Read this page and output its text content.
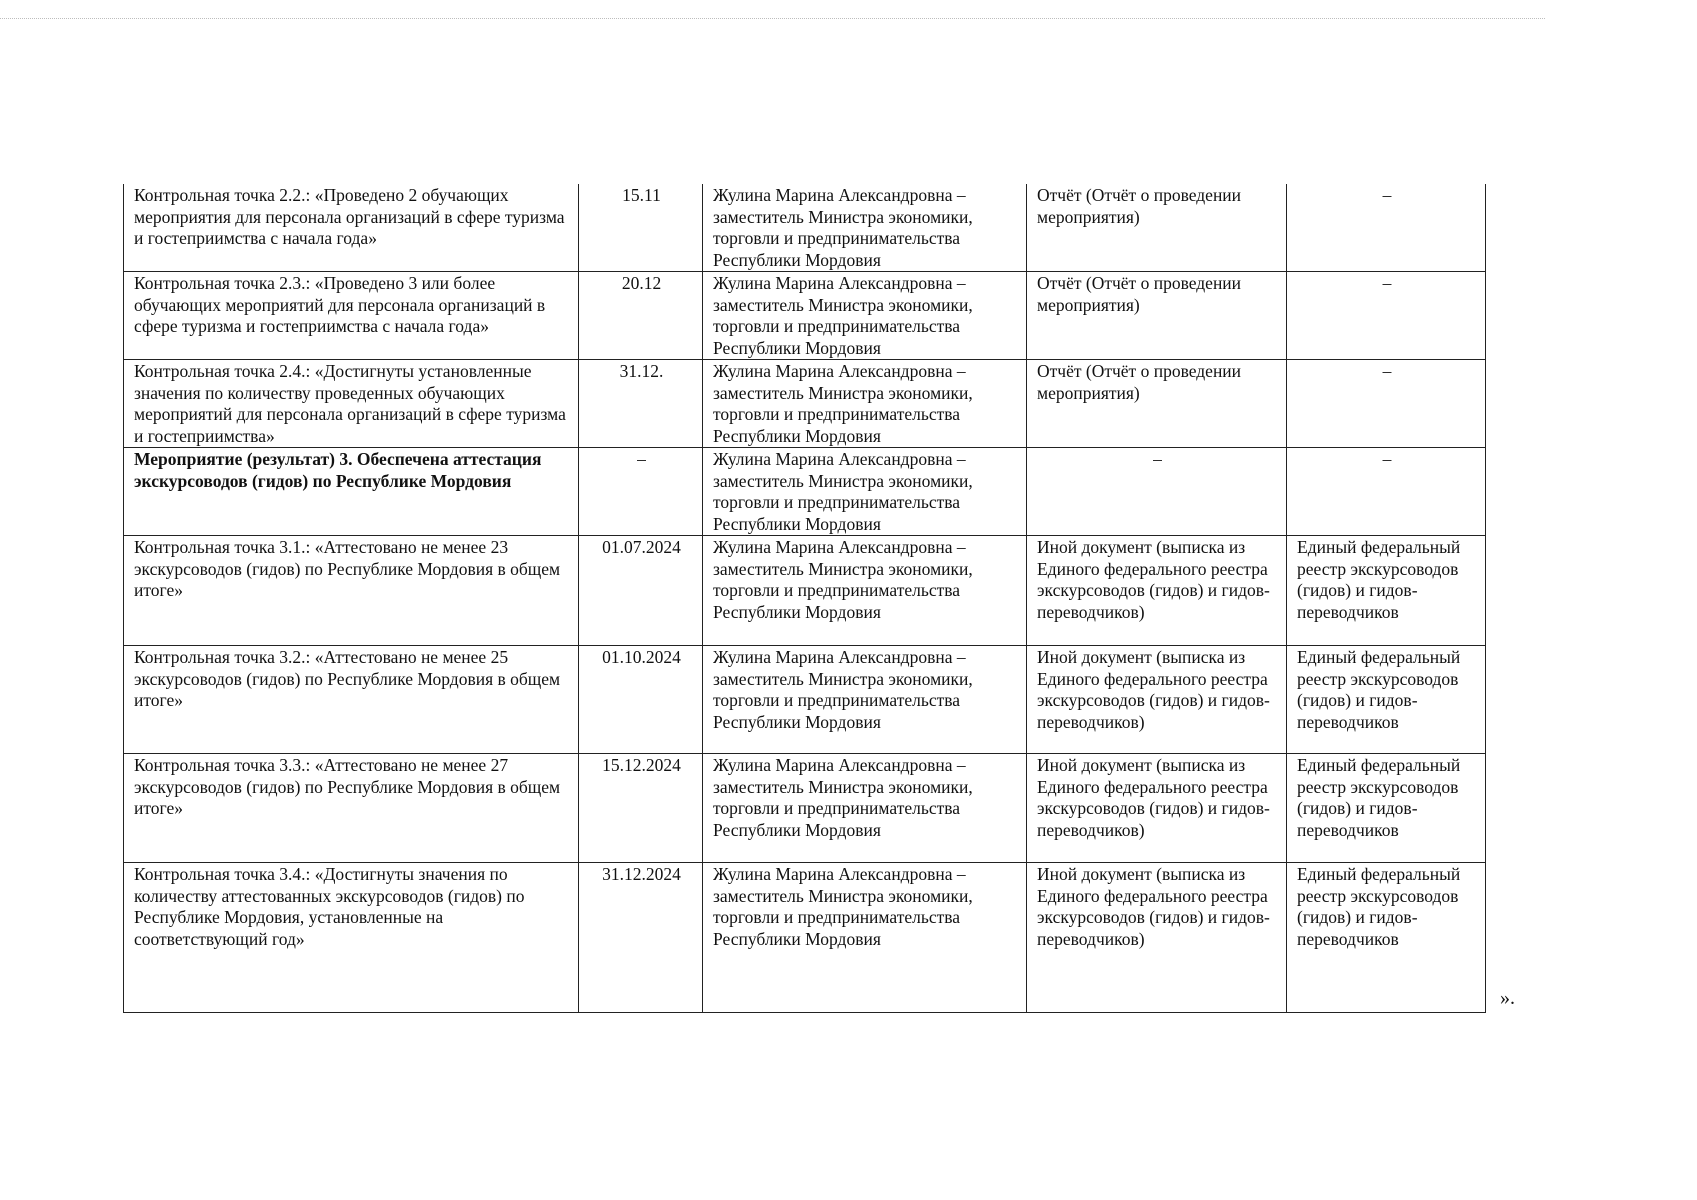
Контрольная точка 2.2.: «Проведено 2 обучающих мероприятия для персонала организаций в сфере туризма и гостеприимства с начала года»	15.11	Жулина Марина Александровна – заместитель Министра экономики, торговли и предпринимательства Республики Мордовия	Отчёт (Отчёт о проведении мероприятия)	–
Контрольная точка 2.3.: «Проведено 3 или более обучающих мероприятий для персонала организаций в сфере туризма и гостеприимства с начала года»	20.12	Жулина Марина Александровна – заместитель Министра экономики, торговли и предпринимательства Республики Мордовия	Отчёт (Отчёт о проведении мероприятия)	–
Контрольная точка 2.4.: «Достигнуты установленные значения по количеству проведенных обучающих мероприятий для персонала организаций в сфере туризма и гостеприимства»	31.12.	Жулина Марина Александровна – заместитель Министра экономики, торговли и предпринимательства Республики Мордовия	Отчёт (Отчёт о проведении мероприятия)	–
Мероприятие (результат) 3. Обеспечена аттестация экскурсоводов (гидов) по Республике Мордовия	–	Жулина Марина Александровна – заместитель Министра экономики, торговли и предпринимательства Республики Мордовия	–	–
Контрольная точка 3.1.: «Аттестовано не менее 23 экскурсоводов (гидов) по Республике Мордовия в общем итоге»	01.07.2024	Жулина Марина Александровна – заместитель Министра экономики, торговли и предпринимательства Республики Мордовия	Иной документ (выписка из Единого федерального реестра экскурсоводов (гидов) и гидов-переводчиков)	Единый федеральный реестр экскурсоводов (гидов) и гидов-переводчиков
Контрольная точка 3.2.: «Аттестовано не менее 25 экскурсоводов (гидов) по Республике Мордовия в общем итоге»	01.10.2024	Жулина Марина Александровна – заместитель Министра экономики, торговли и предпринимательства Республики Мордовия	Иной документ (выписка из Единого федерального реестра экскурсоводов (гидов) и гидов-переводчиков)	Единый федеральный реестр экскурсоводов (гидов) и гидов-переводчиков
Контрольная точка 3.3.: «Аттестовано не менее 27 экскурсоводов (гидов) по Республике Мордовия в общем итоге»	15.12.2024	Жулина Марина Александровна – заместитель Министра экономики, торговли и предпринимательства Республики Мордовия	Иной документ (выписка из Единого федерального реестра экскурсоводов (гидов) и гидов-переводчиков)	Единый федеральный реестр экскурсоводов (гидов) и гидов-переводчиков
Контрольная точка 3.4.: «Достигнуты значения по количеству аттестованных экскурсоводов (гидов) по Республике Мордовия, установленные на соответствующий год»	31.12.2024	Жулина Марина Александровна – заместитель Министра экономики, торговли и предпринимательства Республики Мордовия	Иной документ (выписка из Единого федерального реестра экскурсоводов (гидов) и гидов-переводчиков)	Единый федеральный реестр экскурсоводов (гидов) и гидов-переводчиков
».
